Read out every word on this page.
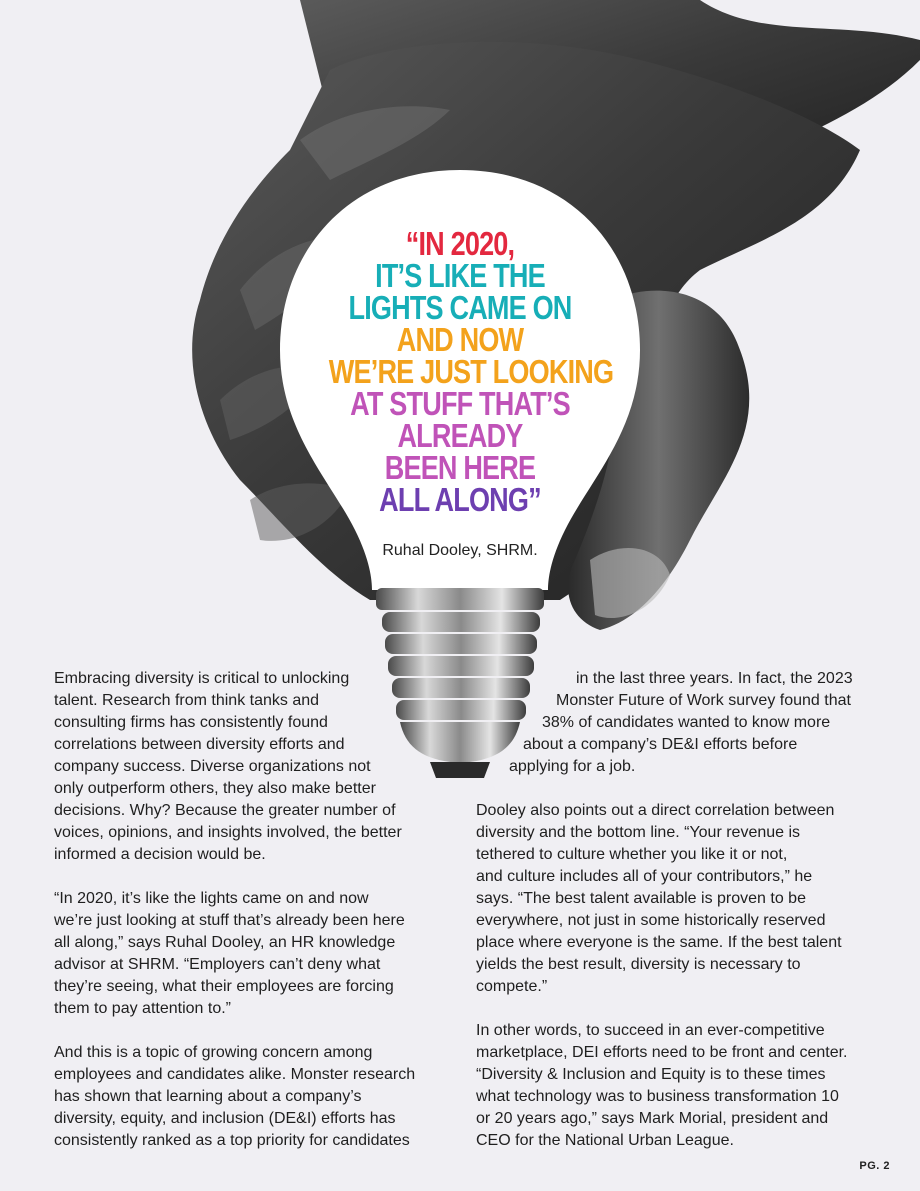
“IN 2020,
IT’S LIKE THE
LIGHTS CAME ON
AND NOW
WE’RE JUST LOOKING
AT STUFF THAT’S
ALREADY
BEEN HERE
ALL ALONG”
Ruhal Dooley, SHRM.

Embracing diversity is critical to unlocking
talent. Research from think tanks and
consulting firms has consistently found
correlations between diversity efforts and
company success. Diverse organizations not
only outperform others, they also make better
decisions. Why? Because the greater number of
voices, opinions, and insights involved, the better
informed a decision would be.

“In 2020, it’s like the lights came on and now
we’re just looking at stuff that’s already been here
all along,” says Ruhal Dooley, an HR knowledge
advisor at SHRM. “Employers can’t deny what
they’re seeing, what their employees are forcing
them to pay attention to.”

And this is a topic of growing concern among
employees and candidates alike. Monster research
has shown that learning about a company’s
diversity, equity, and inclusion (DE&I) efforts has
consistently ranked as a top priority for candidates

in the last three years. In fact, the 2023
Monster Future of Work survey found that
38% of candidates wanted to know more
about a company’s DE&I efforts before
applying for a job.

Dooley also points out a direct correlation between
diversity and the bottom line. “Your revenue is
tethered to culture whether you like it or not,
and culture includes all of your contributors,” he
says. “The best talent available is proven to be
everywhere, not just in some historically reserved
place where everyone is the same. If the best talent
yields the best result, diversity is necessary to
compete.”

In other words, to succeed in an ever-competitive
marketplace, DEI efforts need to be front and center.
“Diversity & Inclusion and Equity is to these times
what technology was to business transformation 10
or 20 years ago,” says Mark Morial, president and
CEO for the National Urban League.

PG. 2
